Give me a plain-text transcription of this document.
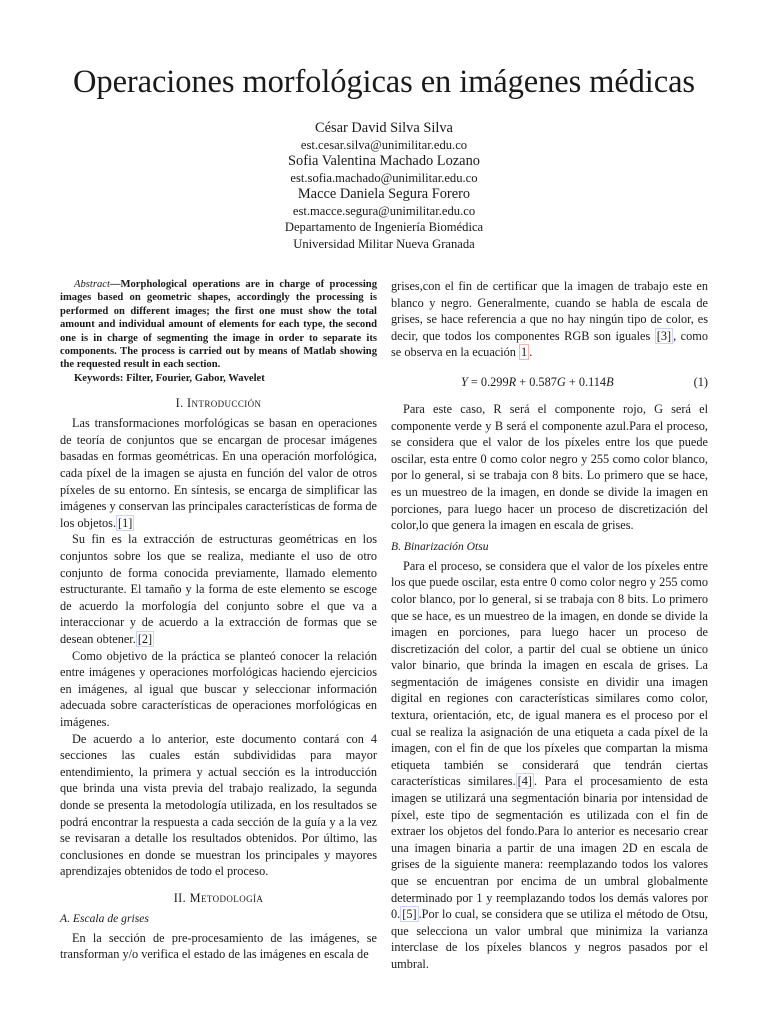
Operaciones morfológicas en imágenes médicas
César David Silva Silva
est.cesar.silva@unimilitar.edu.co
Sofia Valentina Machado Lozano
est.sofia.machado@unimilitar.edu.co
Macce Daniela Segura Forero
est.macce.segura@unimilitar.edu.co
Departamento de Ingeniería Biomédica
Universidad Militar Nueva Granada

Abstract—Morphological operations are in charge of processing images based on geometric shapes, accordingly the processing is performed on different images; the first one must show the total amount and individual amount of elements for each type, the second one is in charge of segmenting the image in order to separate its components. The process is carried out by means of Matlab showing the requested result in each section.

Keywords: Filter, Fourier, Gabor, Wavelet

I. Introducción

Las transformaciones morfológicas se basan en operaciones de teoría de conjuntos que se encargan de procesar imágenes basadas en formas geométricas. En una operación morfológica, cada píxel de la imagen se ajusta en función del valor de otros píxeles de su entorno. En síntesis, se encarga de simplificar las imágenes y conservan las principales características de forma de los objetos. [1]

Su fin es la extracción de estructuras geométricas en los conjuntos sobre los que se realiza, mediante el uso de otro conjunto de forma conocida previamente, llamado elemento estructurante. El tamaño y la forma de este elemento se escoge de acuerdo la morfología del conjunto sobre el que va a interaccionar y de acuerdo a la extracción de formas que se desean obtener. [2]

Como objetivo de la práctica se planteó conocer la relación entre imágenes y operaciones morfológicas haciendo ejercicios en imágenes, al igual que buscar y seleccionar información adecuada sobre características de operaciones morfológicas en imágenes.

De acuerdo a lo anterior, este documento contará con 4 secciones las cuales están subdivididas para mayor entendimiento, la primera y actual sección es la introducción que brinda una vista previa del trabajo realizado, la segunda donde se presenta la metodología utilizada, en los resultados se podrá encontrar la respuesta a cada sección de la guía y a la vez se revisaran a detalle los resultados obtenidos. Por último, las conclusiones en donde se muestran los principales y mayores aprendizajes obtenidos de todo el proceso.

II. Metodología
A. Escala de grises

En la sección de pre-procesamiento de las imágenes, se transforman y/o verifica el estado de las imágenes en escala de

grises,con el fin de certificar que la imagen de trabajo este en blanco y negro. Generalmente, cuando se habla de escala de grises, se hace referencia a que no hay ningún tipo de color, es decir, que todos los componentes RGB son iguales [3] , como se observa en la ecuación 1 .

Y = 0.299R + 0.587G + 0.114B	(1)

Para este caso, R será el componente rojo, G será el componente verde y B será el componente azul.Para el proceso, se considera que el valor de los píxeles entre los que puede oscilar, esta entre 0 como color negro y 255 como color blanco, por lo general, si se trabaja con 8 bits. Lo primero que se hace, es un muestreo de la imagen, en donde se divide la imagen en porciones, para luego hacer un proceso de discretización del color,lo que genera la imagen en escala de grises.

B. Binarización Otsu

Para el proceso, se considera que el valor de los píxeles entre los que puede oscilar, esta entre 0 como color negro y 255 como color blanco, por lo general, si se trabaja con 8 bits. Lo primero que se hace, es un muestreo de la imagen, en donde se divide la imagen en porciones, para luego hacer un proceso de discretización del color, a partir del cual se obtiene un único valor binario, que brinda la imagen en escala de grises. La segmentación de imágenes consiste en dividir una imagen digital en regiones con características similares como color, textura, orientación, etc, de igual manera es el proceso por el cual se realiza la asignación de una etiqueta a cada píxel de la imagen, con el fin de que los píxeles que compartan la misma etiqueta también se considerará que tendrán ciertas características similares. [4] . Para el procesamiento de esta imagen se utilizará una segmentación binaria por intensidad de píxel, este tipo de segmentación es utilizada con el fin de extraer los objetos del fondo.Para lo anterior es necesario crear una imagen binaria a partir de una imagen 2D en escala de grises de la siguiente manera: reemplazando todos los valores que se encuentran por encima de un umbral globalmente determinado por 1 y reemplazando todos los demás valores por 0. [5] .Por lo cual, se considera que se utiliza el método de Otsu, que selecciona un valor umbral que minimiza la varianza interclase de los píxeles blancos y negros pasados por el umbral.
